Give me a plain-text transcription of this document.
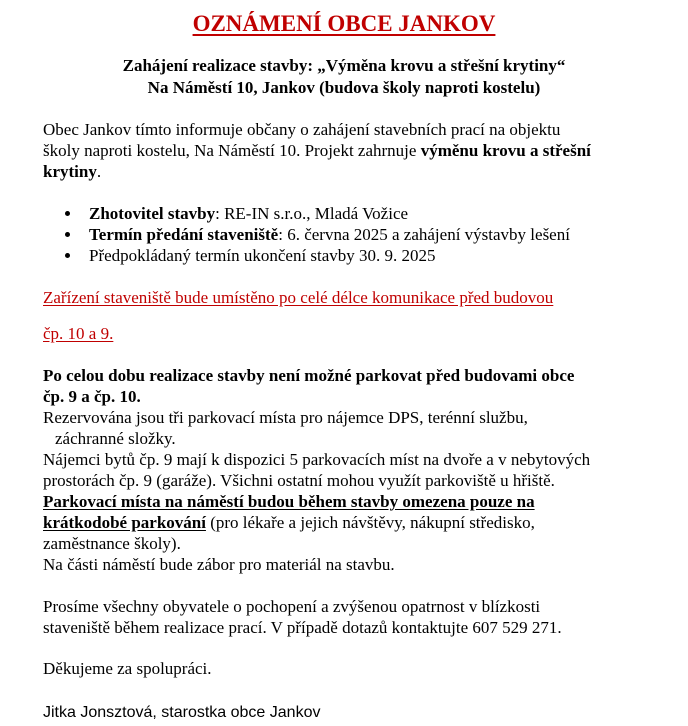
OZNÁMENÍ OBCE JANKOV
Zahájení realizace stavby: „Výměna krovu a střešní krytiny“
Na Náměstí 10, Jankov (budova školy naproti kostelu)
Obec Jankov tímto informuje občany o zahájení stavebních prací na objektu
školy naproti kostelu, Na Náměstí 10. Projekt zahrnuje výměnu krovu a střešní
krytiny.
Zhotovitel stavby: RE-IN s.r.o., Mladá Vožice
Termín předání staveniště: 6. června 2025 a zahájení výstavby lešení
Předpokládaný termín ukončení stavby 30. 9. 2025
Zařízení staveniště bude umístěno po celé délce komunikace před budovou
čp. 10 a 9.
Po celou dobu realizace stavby není možné parkovat před budovami obce
čp. 9 a čp. 10.
Rezervována jsou tři parkovací místa pro nájemce DPS, terénní službu,
záchranné složky.
Nájemci bytů čp. 9 mají k dispozici 5 parkovacích míst na dvoře a v nebytových
prostorách čp. 9 (garáže). Všichni ostatní mohou využít parkoviště u hřiště.
Parkovací místa na náměstí budou během stavby omezena pouze na
krátkodobé parkování (pro lékaře a jejich návštěvy, nákupní středisko,
zaměstnance školy).
Na části náměstí bude zábor pro materiál na stavbu.
Prosíme všechny obyvatele o pochopení a zvýšenou opatrnost v blízkosti
staveniště během realizace prací. V případě dotazů kontaktujte 607 529 271.
Děkujeme za spolupráci.
Jitka Jonsztová, starostka obce Jankov
